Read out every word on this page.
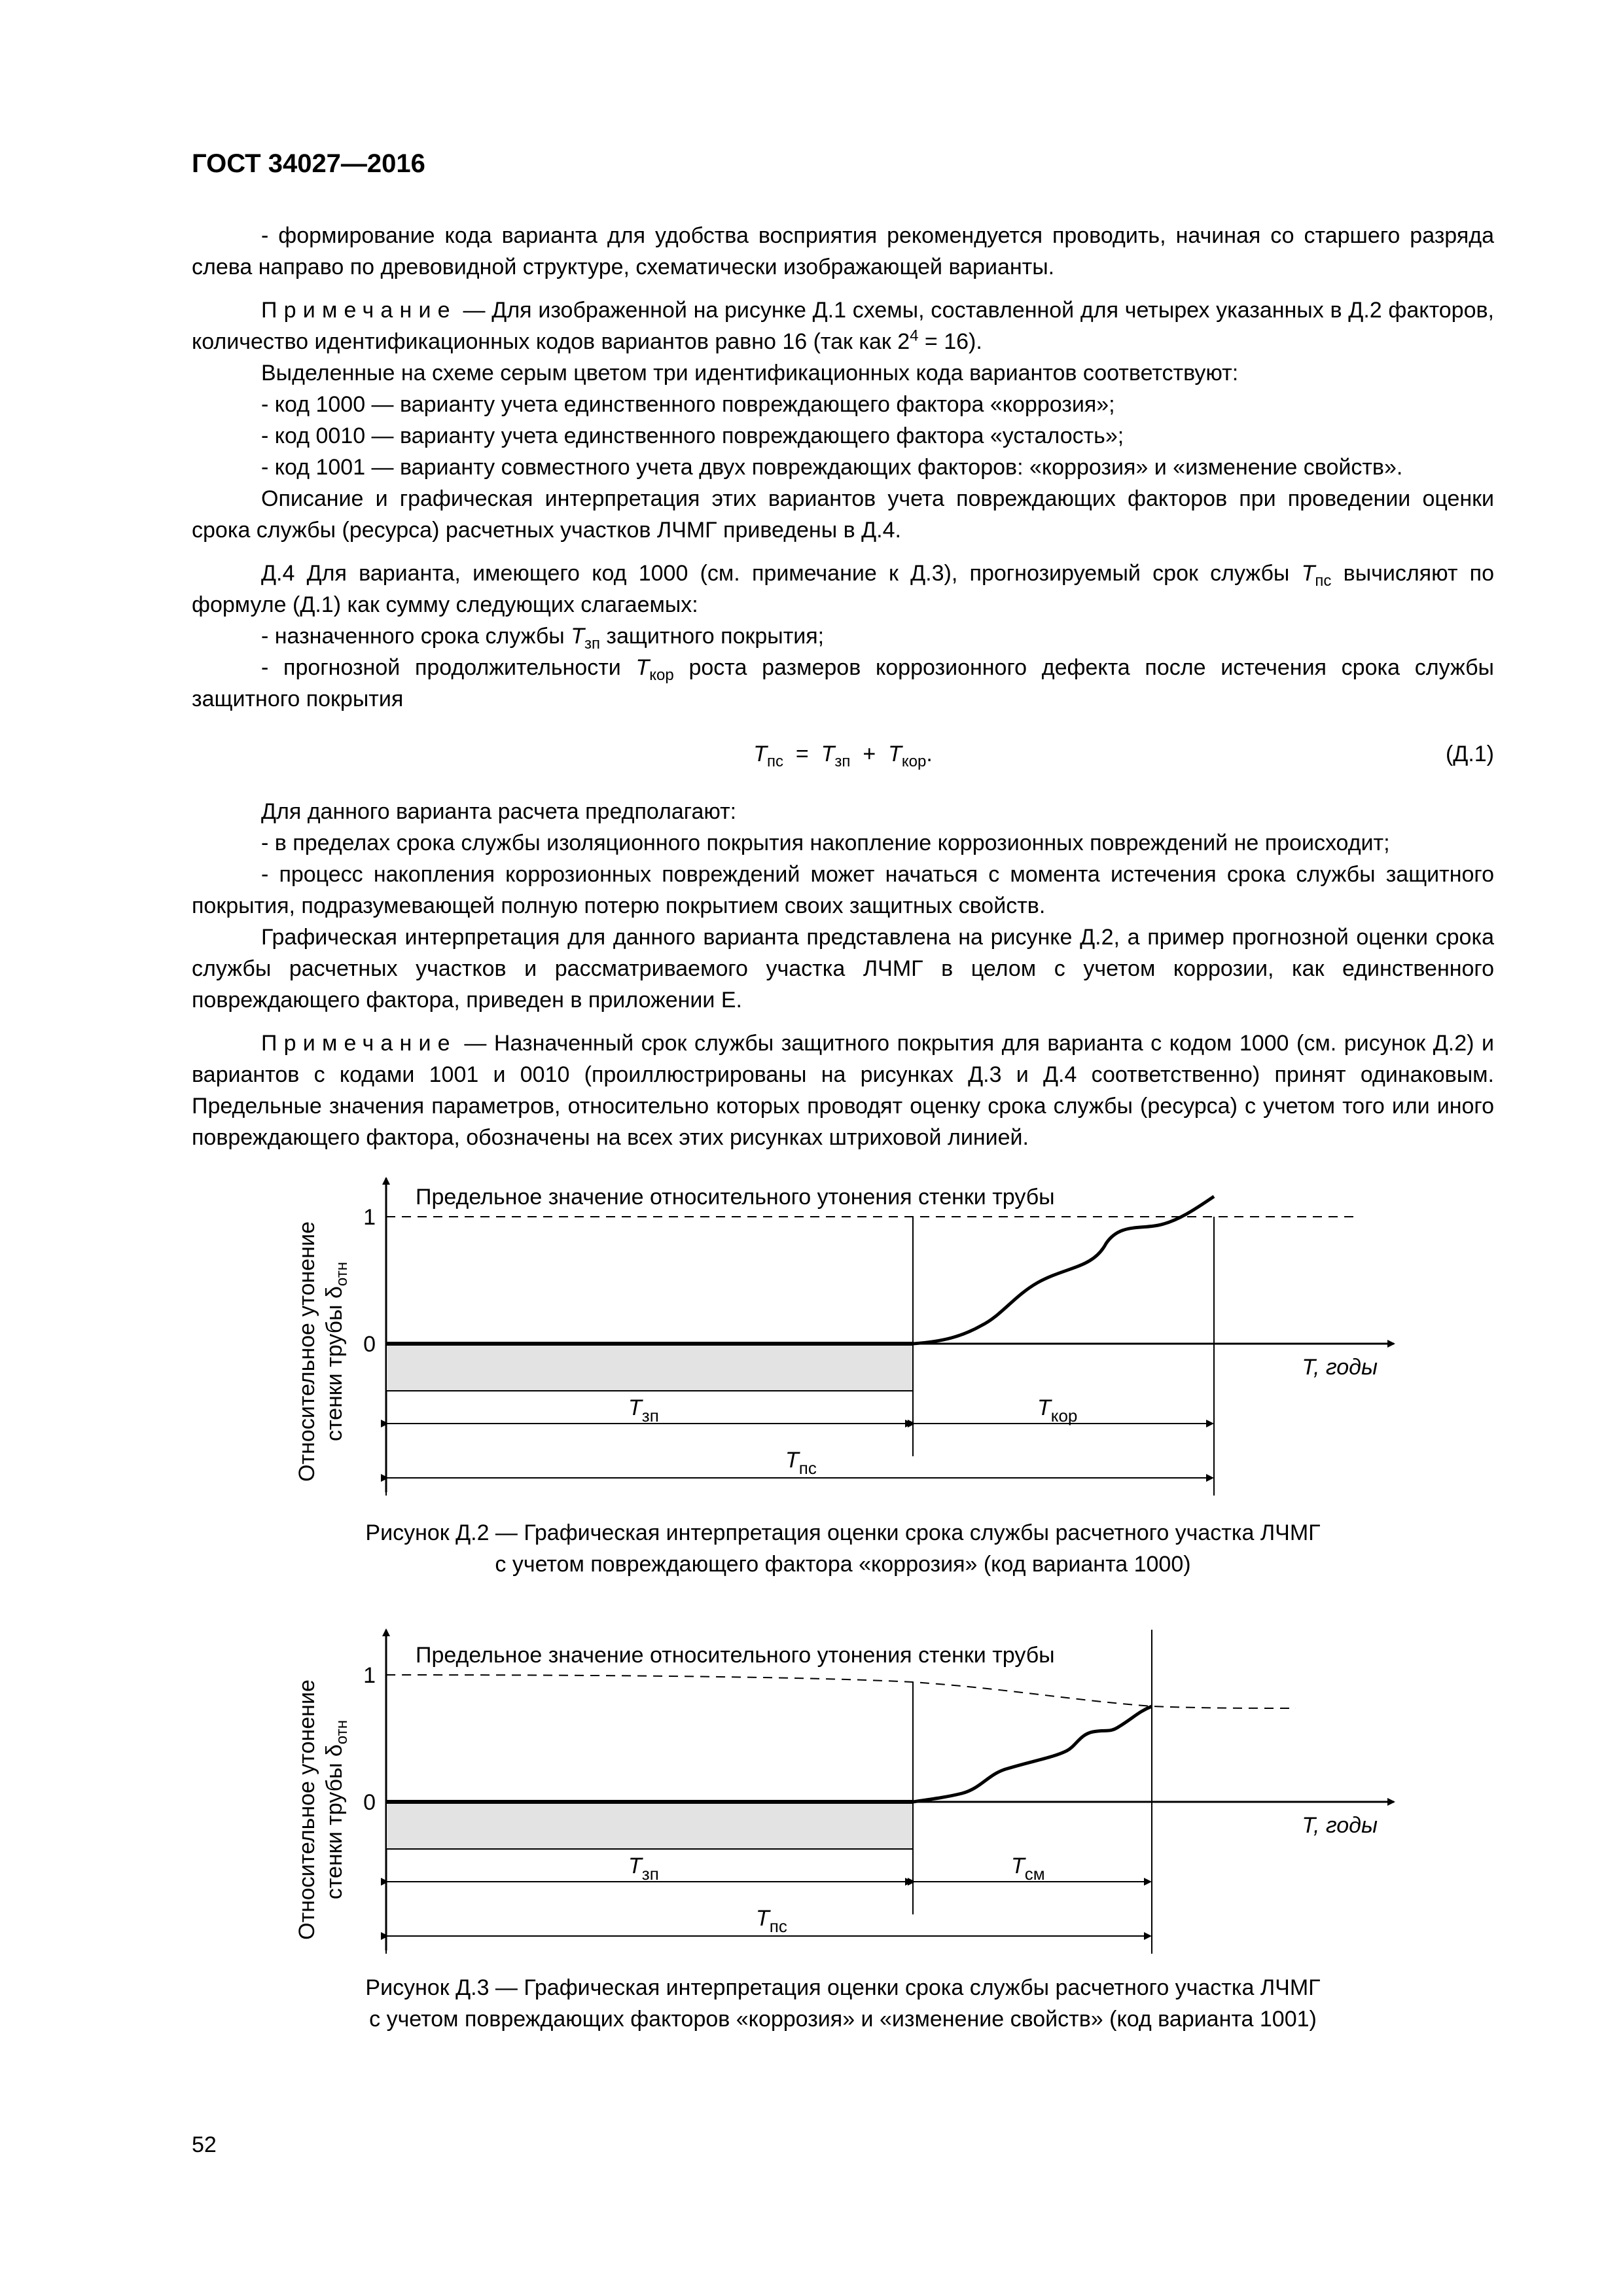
ГОСТ 34027—2016

- формирование кода варианта для удобства восприятия рекомендуется проводить, начиная со старшего разряда слева направо по древовидной структуре, схематически изображающей варианты.

Примечание — Для изображенной на рисунке Д.1 схемы, составленной для четырех указанных в Д.2 факторов, количество идентификационных кодов вариантов равно 16 (так как $2^4 = 16$).

Выделенные на схеме серым цветом три идентификационных кода вариантов соответствуют:

- код 1000 — варианту учета единственного повреждающего фактора «коррозия»;

- код 0010 — варианту учета единственного повреждающего фактора «усталость»;

- код 1001 — варианту совместного учета двух повреждающих факторов: «коррозия» и «изменение свойств».

Описание и графическая интерпретация этих вариантов учета повреждающих факторов при проведении оценки срока службы (ресурса) расчетных участков ЛЧМГ приведены в Д.4.

Д.4 Для варианта, имеющего код 1000 (см. примечание к Д.3), прогнозируемый срок службы $T_{пс}$ вычисляют по формуле (Д.1) как сумму следующих слагаемых:

- назначенного срока службы $T_{зп}$ защитного покрытия;

- прогнозной продолжительности $T_{кор}$ роста размеров коррозионного дефекта после истечения срока службы защитного покрытия

$T_{пс} = T_{зп} + T_{кор}$.	(Д.1)

Для данного варианта расчета предполагают:

- в пределах срока службы изоляционного покрытия накопление коррозионных повреждений не происходит;

- процесс накопления коррозионных повреждений может начаться с момента истечения срока службы защитного покрытия, подразумевающей полную потерю покрытием своих защитных свойств.

Графическая интерпретация для данного варианта представлена на рисунке Д.2, а пример прогнозной оценки срока службы расчетных участков и рассматриваемого участка ЛЧМГ в целом с учетом коррозии, как единственного повреждающего фактора, приведен в приложении Е.

Примечание — Назначенный срок службы защитного покрытия для варианта с кодом 1000 (см. рисунок Д.2) и вариантов с кодами 1001 и 0010 (проиллюстрированы на рисунках Д.3 и Д.4 соответственно) принят одинаковым. Предельные значения параметров, относительно которых проводят оценку срока службы (ресурса) с учетом того или иного повреждающего фактора, обозначены на всех этих рисунках штриховой линией.

Относительное утонение стенки трубы $\delta_{отн}$
T, годы
1
0
Предельное значение относительного утонения стенки трубы
$T_{зп}$	$T_{кор}$
$T_{пс}$
Рисунок Д.2 — Графическая интерпретация оценки срока службы расчетного участка ЛЧМГ
с учетом повреждающего фактора «коррозия» (код варианта 1000)
Относительное утонение стенки трубы $\delta_{отн}$
T, годы
1
0
Предельное значение относительного утонения стенки трубы
$T_{зп}$	$T_{см}$
$T_{пс}$
Рисунок Д.3 — Графическая интерпретация оценки срока службы расчетного участка ЛЧМГ
с учетом повреждающих факторов «коррозия» и «изменение свойств» (код варианта 1001)
52
